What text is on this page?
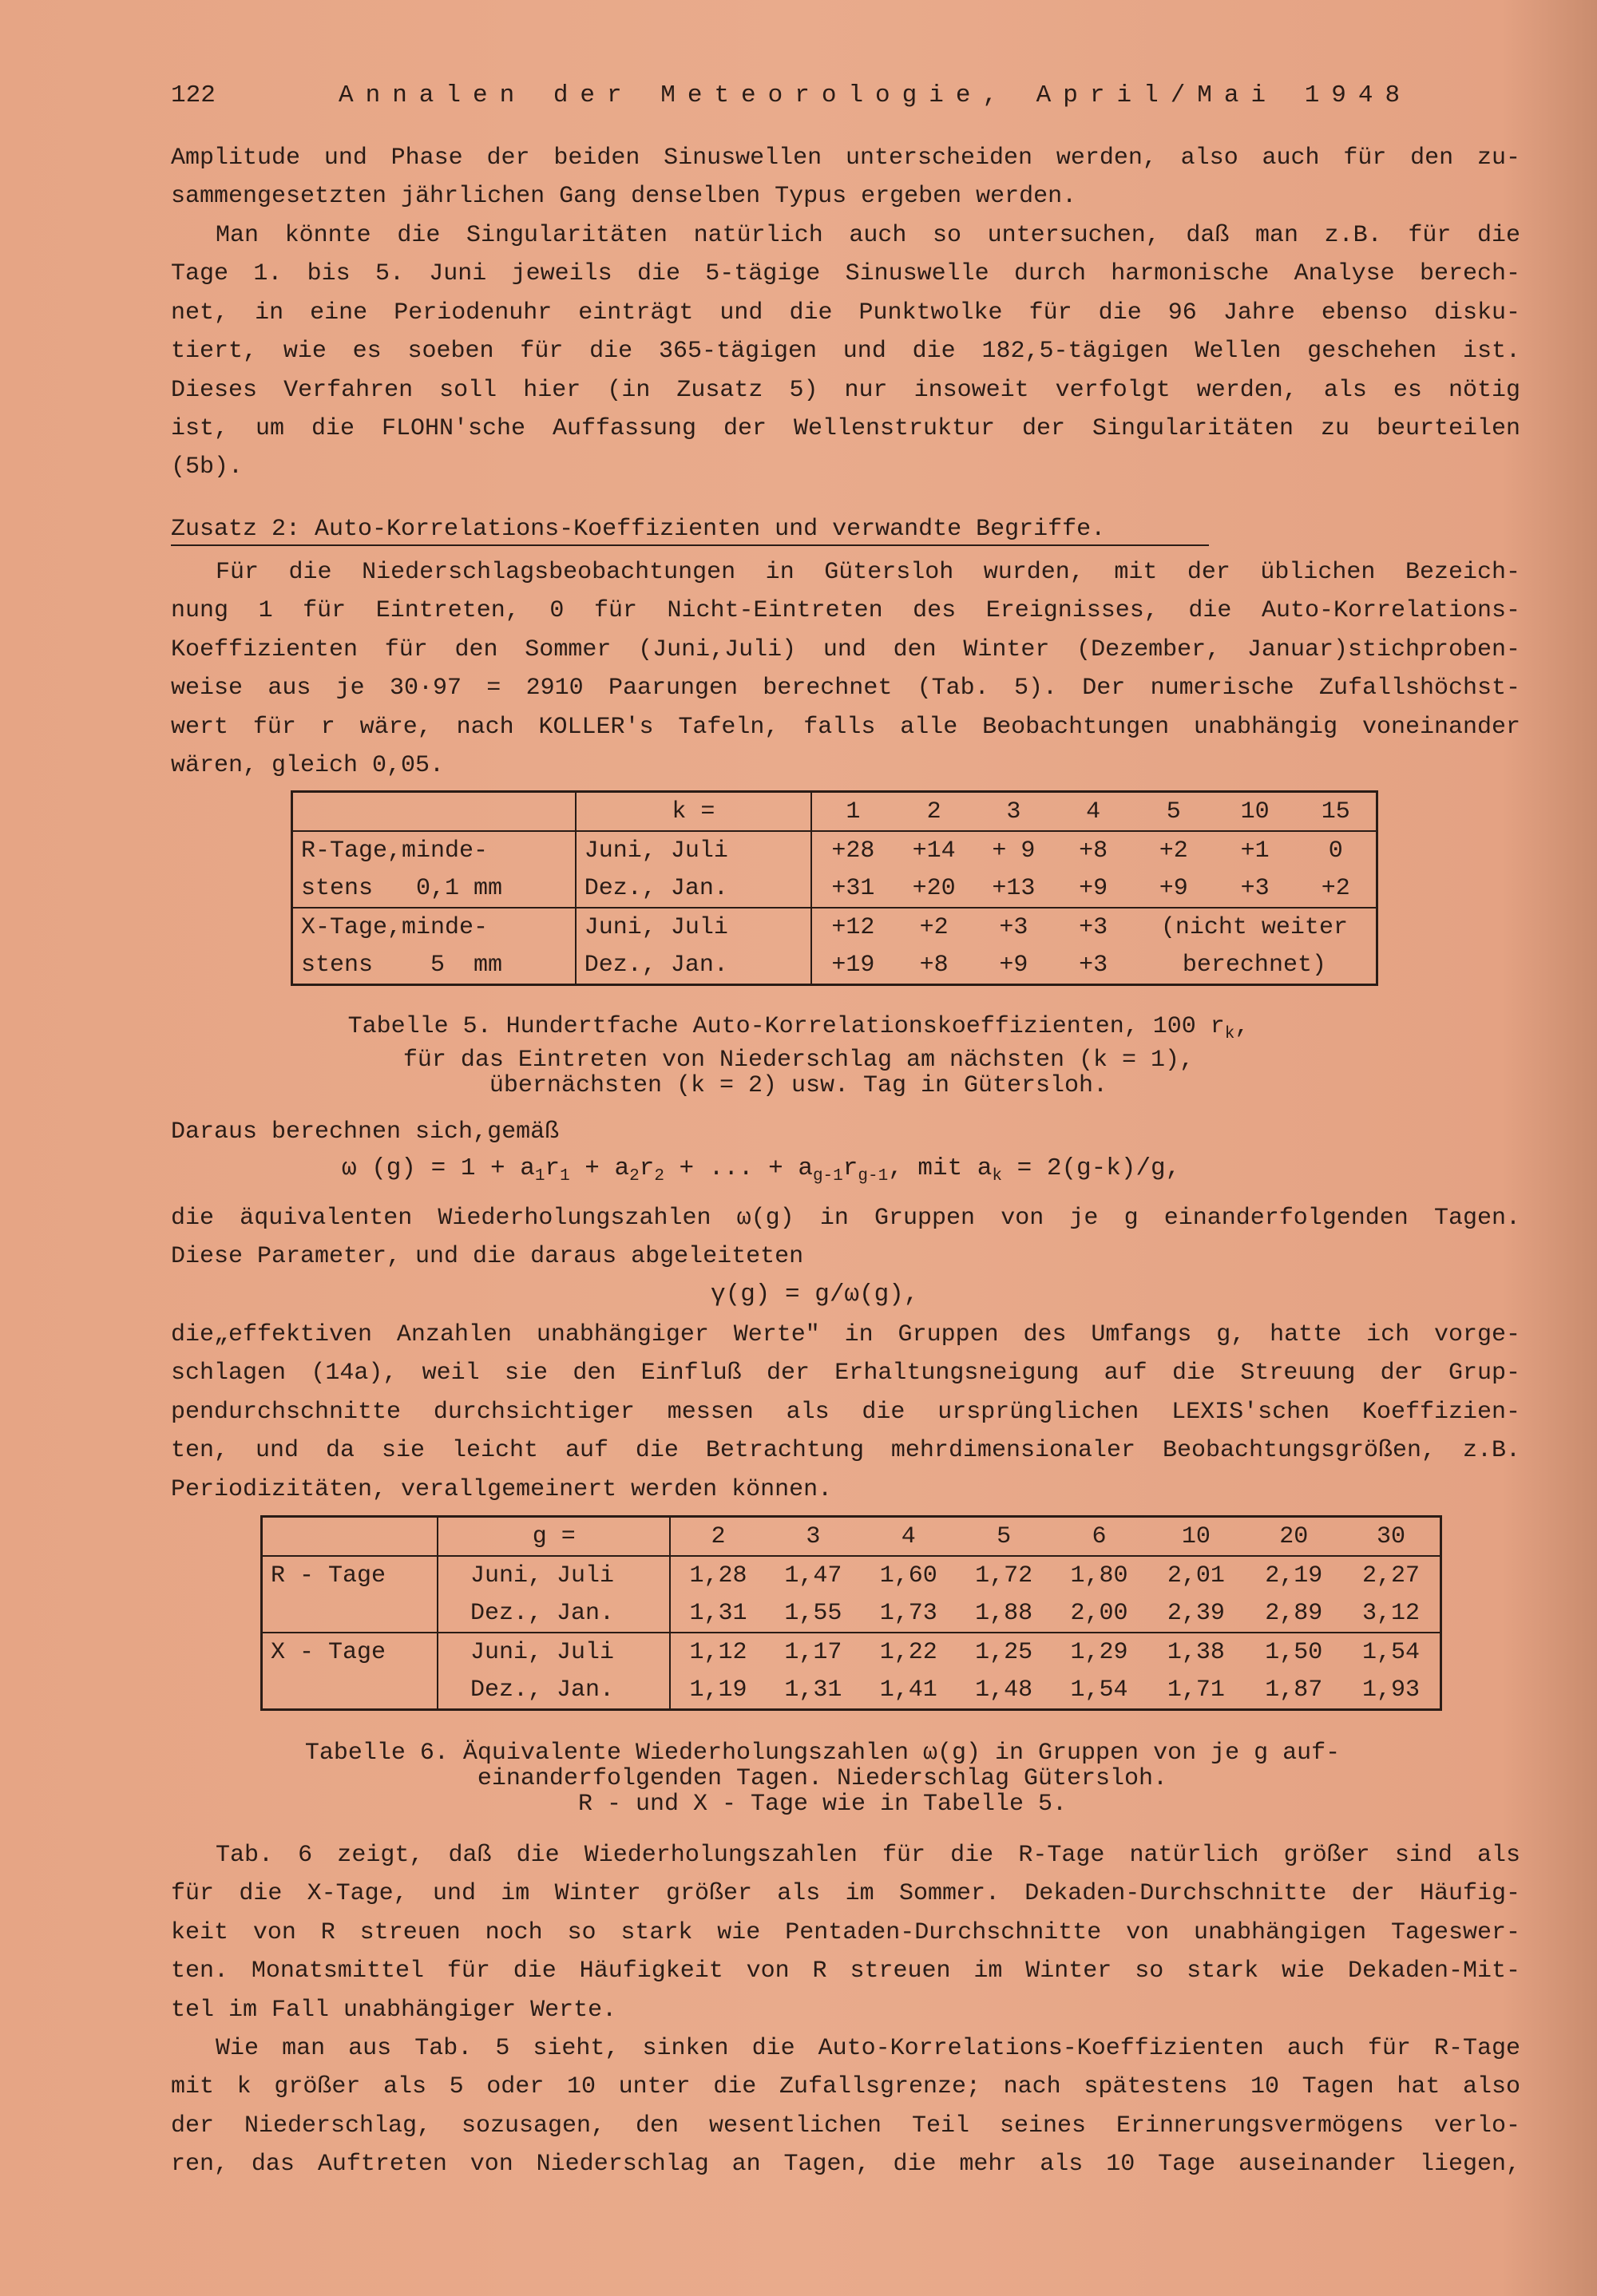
122	Annalen der Meteorologie, April/Mai 1948
Amplitude und Phase der beiden Sinuswellen unterscheiden werden, also auch für den zu-
sammengesetzten jährlichen Gang denselben Typus ergeben werden.
Man könnte die Singularitäten natürlich auch so untersuchen, daß man z.B. für die
Tage 1. bis 5. Juni jeweils die 5-tägige Sinuswelle durch harmonische Analyse berech-
net, in eine Periodenuhr einträgt und die Punktwolke für die 96 Jahre ebenso disku-
tiert, wie es soeben für die 365-tägigen und die 182,5-tägigen Wellen geschehen ist.
Dieses Verfahren soll hier (in Zusatz 5) nur insoweit verfolgt werden, als es nötig
ist, um die FLOHN'sche Auffassung der Wellenstruktur der Singularitäten zu beurteilen
(5b).
Zusatz 2: Auto-Korrelations-Koeffizienten und verwandte Begriffe.
Für die Niederschlagsbeobachtungen in Gütersloh wurden, mit der üblichen Bezeich-
nung 1 für Eintreten, 0 für Nicht-Eintreten des Ereignisses, die Auto-Korrelations-
Koeffizienten für den Sommer (Juni,Juli) und den Winter (Dezember, Januar)stichproben-
weise aus je 30·97 = 2910 Paarungen berechnet (Tab. 5). Der numerische Zufallshöchst-
wert für r wäre, nach KOLLER's Tafeln, falls alle Beobachtungen unabhängig voneinander
wären, gleich 0,05.
	k =	1	2	3	4	5	10	15
R-Tage,minde-	Juni, Juli	+28	+14	+ 9	+8	+2	+1	0
stens   0,1 mm	Dez., Jan.	+31	+20	+13	+9	+9	+3	+2
X-Tage,minde-	Juni, Juli	+12	+2	+3	+3	(nicht weiter		
stens    5  mm	Dez., Jan.	+19	+8	+9	+3	berechnet)		
Tabelle 5. Hundertfache Auto-Korrelationskoeffizienten, 100 $r_k$,
für das Eintreten von Niederschlag am nächsten (k = 1),
übernächsten (k = 2) usw. Tag in Gütersloh.
Daraus berechnen sich,gemäß
ω $(g) = 1 + a_1r_1 + a_2r_2$ + ... + $a_{g-1}r_{g-1}$, mit $a_k = 2(g-k)/g$,
die äquivalenten Wiederholungszahlen ω(g) in Gruppen von je g einanderfolgenden Tagen.
Diese Parameter, und die daraus abgeleiteten
γ(g) = g/ω(g),
die„effektiven Anzahlen unabhängiger Werte" in Gruppen des Umfangs g, hatte ich vorge-
schlagen (14a), weil sie den Einfluß der Erhaltungsneigung auf die Streuung der Grup-
pendurchschnitte durchsichtiger messen als die ursprünglichen LEXIS'schen Koeffizien-
ten, und da sie leicht auf die Betrachtung mehrdimensionaler Beobachtungsgrößen, z.B.
Periodizitäten, verallgemeinert werden können.
	g =	2	3	4	5	6	10	20	30
R - Tage	Juni, Juli	1,28	1,47	1,60	1,72	1,80	2,01	2,19	2,27
	Dez., Jan.	1,31	1,55	1,73	1,88	2,00	2,39	2,89	3,12
X - Tage	Juni, Juli	1,12	1,17	1,22	1,25	1,29	1,38	1,50	1,54
	Dez., Jan.	1,19	1,31	1,41	1,48	1,54	1,71	1,87	1,93
Tabelle 6. Äquivalente Wiederholungszahlen ω(g) in Gruppen von je g auf-
einanderfolgenden Tagen. Niederschlag Gütersloh.
R - und X - Tage wie in Tabelle 5.
Tab. 6 zeigt, daß die Wiederholungszahlen für die R-Tage natürlich größer sind als
für die X-Tage, und im Winter größer als im Sommer. Dekaden-Durchschnitte der Häufig-
keit von R streuen noch so stark wie Pentaden-Durchschnitte von unabhängigen Tageswer-
ten. Monatsmittel für die Häufigkeit von R streuen im Winter so stark wie Dekaden-Mit-
tel im Fall unabhängiger Werte.
Wie man aus Tab. 5 sieht, sinken die Auto-Korrelations-Koeffizienten auch für R-Tage
mit k größer als 5 oder 10 unter die Zufallsgrenze; nach spätestens 10 Tagen hat also
der Niederschlag, sozusagen, den wesentlichen Teil seines Erinnerungsvermögens verlo-
ren, das Auftreten von Niederschlag an Tagen, die mehr als 10 Tage auseinander liegen,
